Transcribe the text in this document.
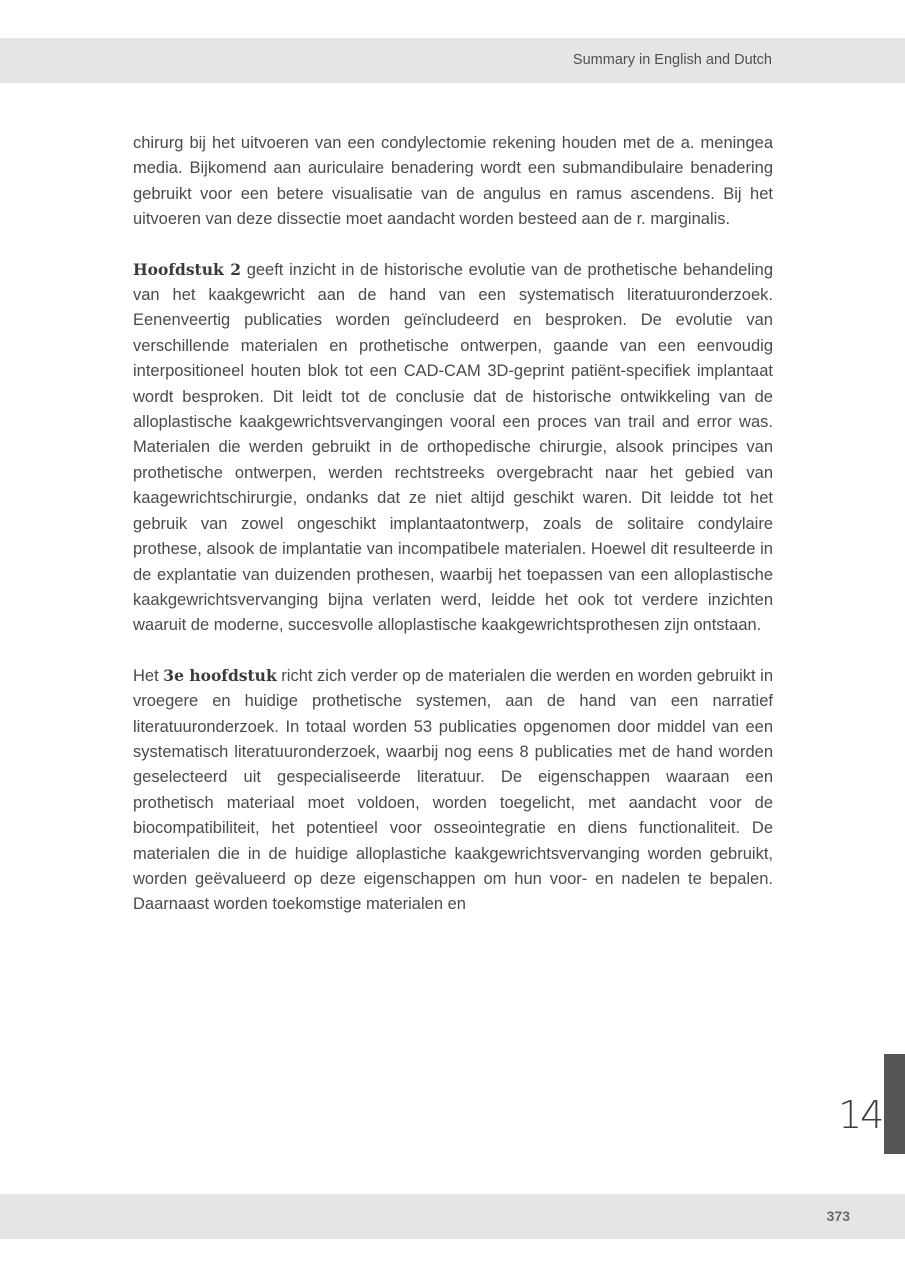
Summary in English and Dutch

chirurg bij het uitvoeren van een condylectomie rekening houden met de a. meningea media. Bijkomend aan auriculaire benadering wordt een submandibulaire benadering gebruikt voor een betere visualisatie van de angulus en ramus ascendens. Bij het uitvoeren van deze dissectie moet aandacht worden besteed aan de r. marginalis.

Hoofdstuk 2 geeft inzicht in de historische evolutie van de prothetische behandeling van het kaakgewricht aan de hand van een systematisch literatuuronderzoek. Eenenveertig publicaties worden geïncludeerd en besproken. De evolutie van verschillende materialen en prothetische ontwerpen, gaande van een eenvoudig interpositioneel houten blok tot een CAD-CAM 3D-geprint patiënt-specifiek implantaat wordt besproken. Dit leidt tot de conclusie dat de historische ontwikkeling van de alloplastische kaakgewrichtsvervangingen vooral een proces van trail and error was. Materialen die werden gebruikt in de orthopedische chirurgie, alsook principes van prothetische ontwerpen, werden rechtstreeks overgebracht naar het gebied van kaagewrichtschirurgie, ondanks dat ze niet altijd geschikt waren. Dit leidde tot het gebruik van zowel ongeschikt implantaatontwerp, zoals de solitaire condylaire prothese, alsook de implantatie van incompatibele materialen. Hoewel dit resulteerde in de explantatie van duizenden prothesen, waarbij het toepassen van een alloplastische kaakgewrichtsvervanging bijna verlaten werd, leidde het ook tot verdere inzichten waaruit de moderne, succesvolle alloplastische kaakgewrichtsprothesen zijn ontstaan.

Het 3e hoofdstuk richt zich verder op de materialen die werden en worden gebruikt in vroegere en huidige prothetische systemen, aan de hand van een narratief literatuuronderzoek. In totaal worden 53 publicaties opgenomen door middel van een systematisch literatuuronderzoek, waarbij nog eens 8 publicaties met de hand worden geselecteerd uit gespecialiseerde literatuur. De eigenschappen waaraan een prothetisch materiaal moet voldoen, worden toegelicht, met aandacht voor de biocompatibiliteit, het potentieel voor osseointegratie en diens functionaliteit. De materialen die in de huidige alloplastiche kaakgewrichtsvervanging worden gebruikt, worden geëvalueerd op deze eigenschappen om hun voor- en nadelen te bepalen. Daarnaast worden toekomstige materialen en

14
373
